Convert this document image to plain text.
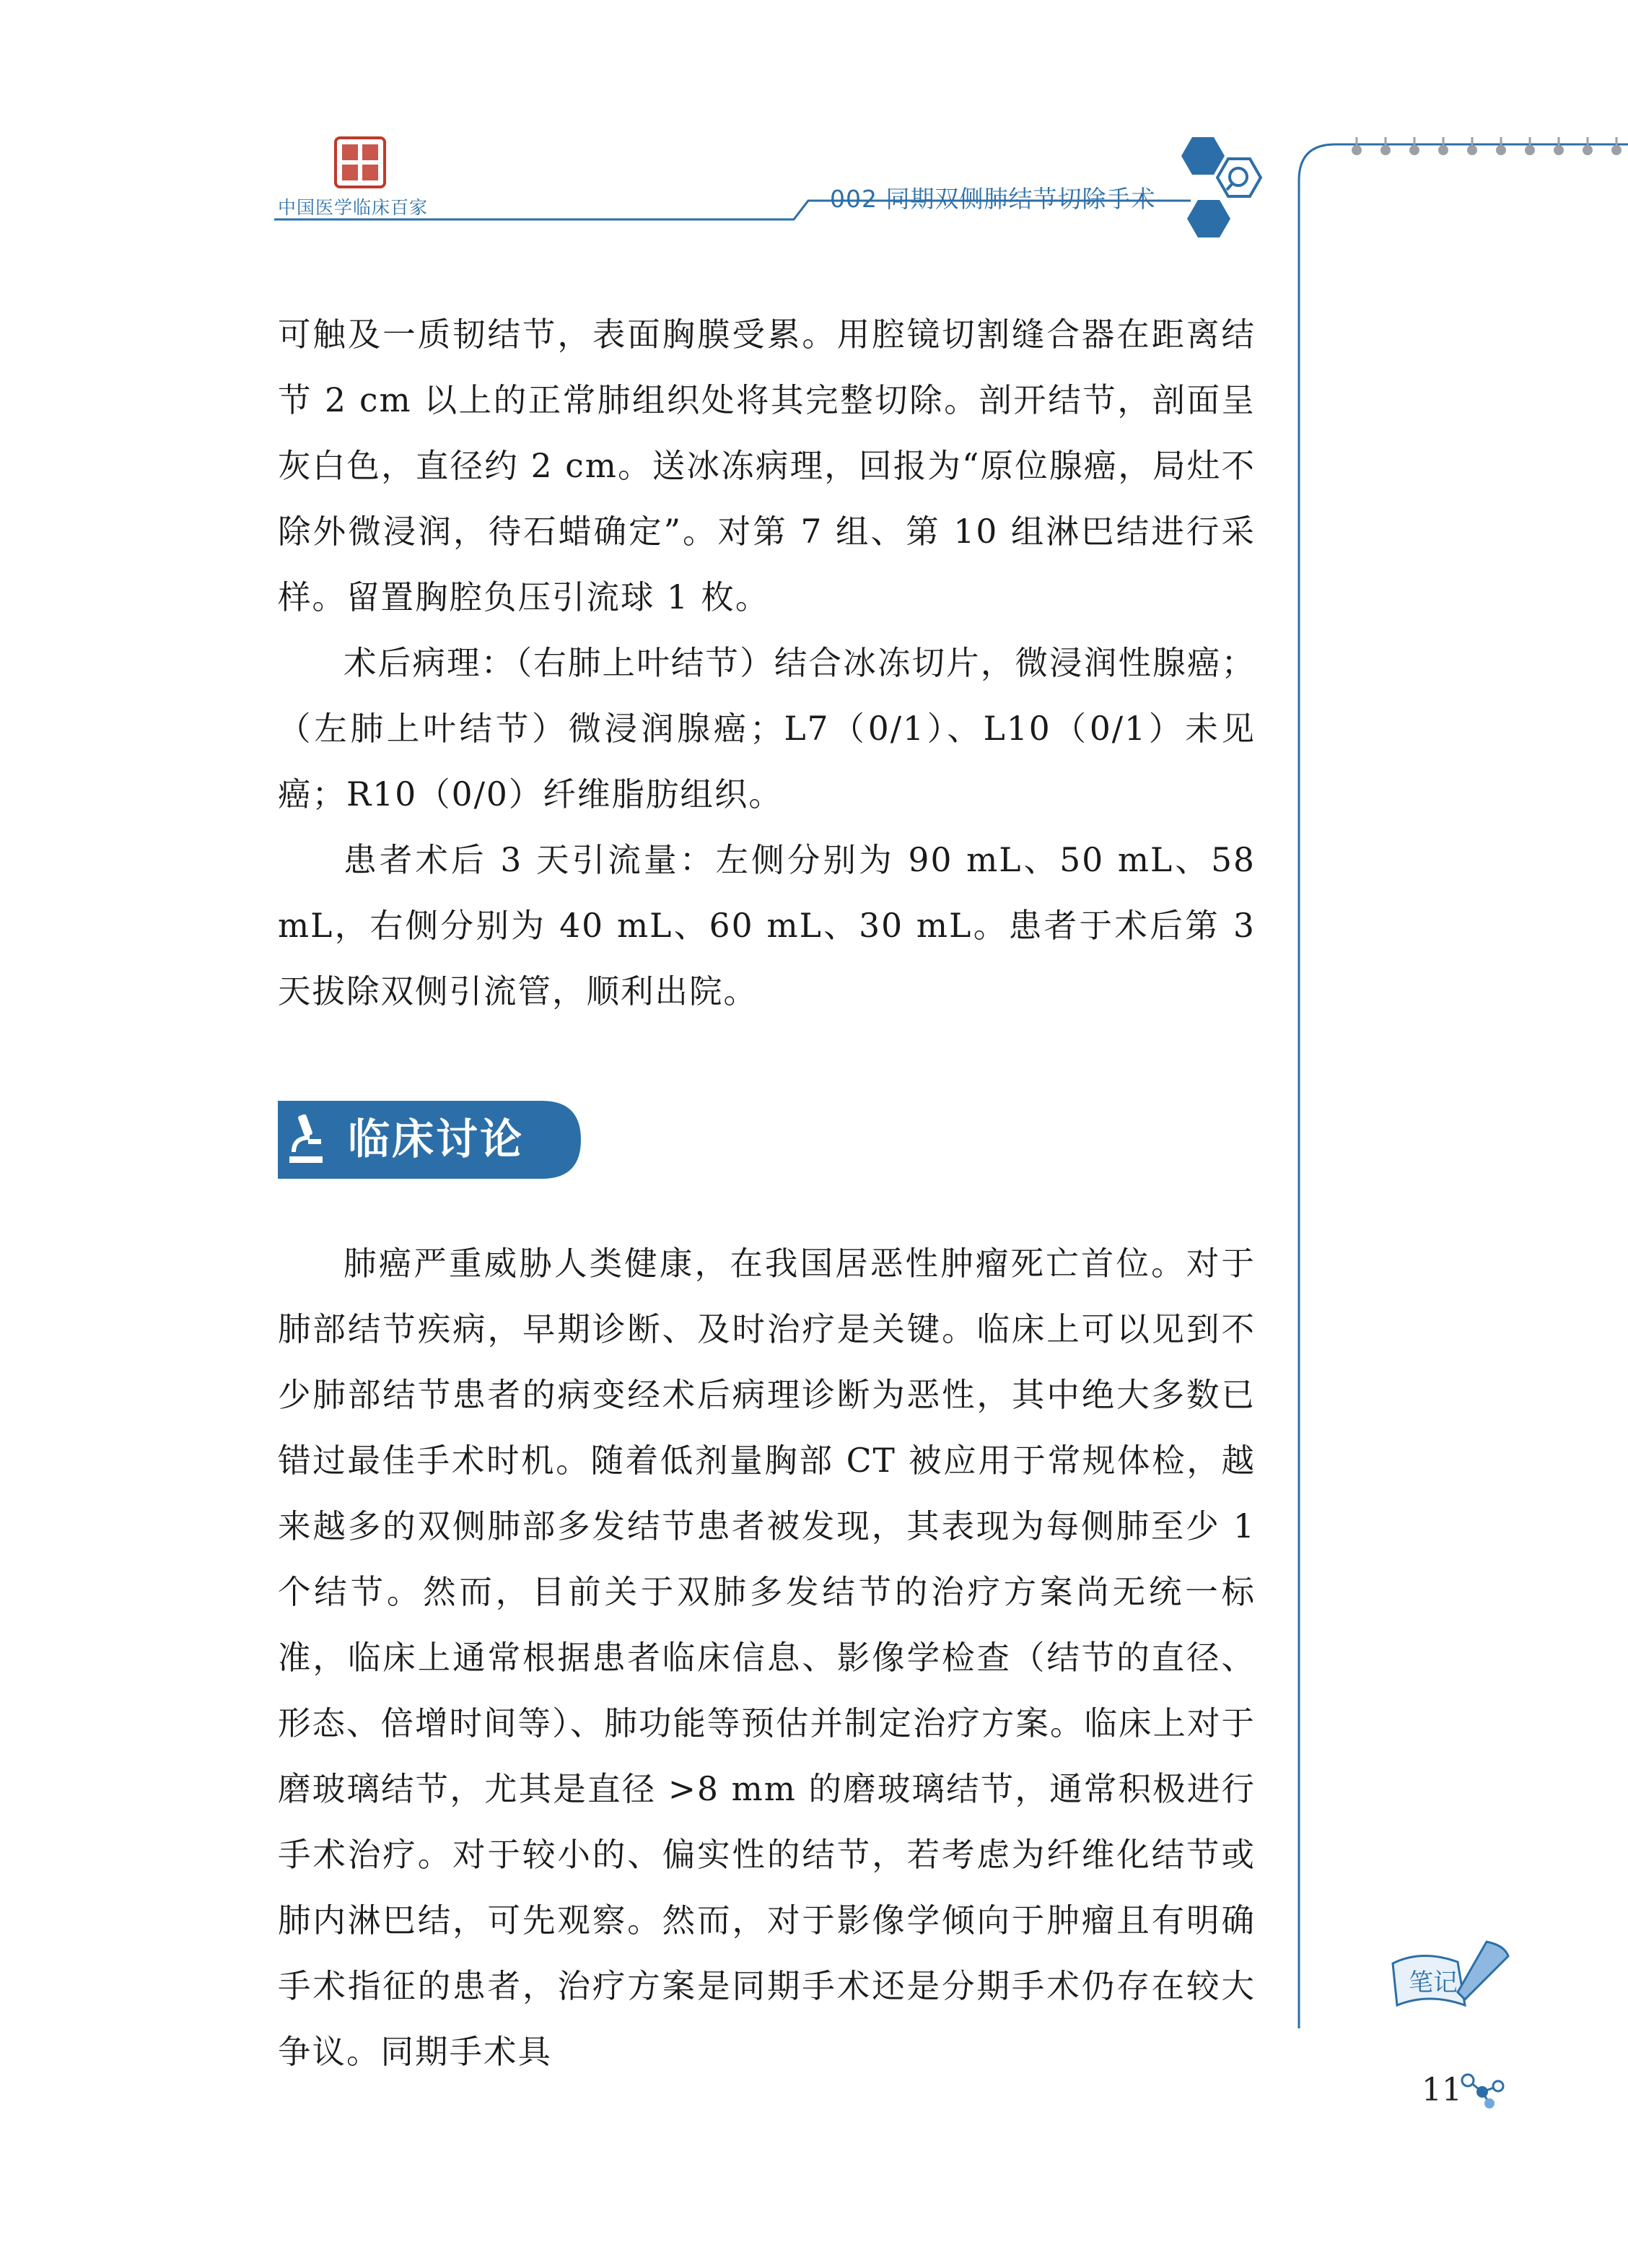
中国医学临床百家	002 同期双侧肺结节切除手术

可触及一质韧结节，表面胸膜受累。用腔镜切割缝合器在距离结节 2 cm 以上的正常肺组织处将其完整切除。剖开结节，剖面呈灰白色，直径约 2 cm。送冰冻病理，回报为“原位腺癌，局灶不除外微浸润，待石蜡确定”。对第 7 组、第 10 组淋巴结进行采样。留置胸腔负压引流球 1 枚。

术后病理：（右肺上叶结节）结合冰冻切片，微浸润性腺癌；（左肺上叶结节）微浸润腺癌；L7（0/1）、L10（0/1）未见癌；R10（0/0）纤维脂肪组织。

患者术后 3 天引流量：左侧分别为 90 mL、50 mL、58 mL，右侧分别为 40 mL、60 mL、30 mL。患者于术后第 3 天拔除双侧引流管，顺利出院。

临床讨论

肺癌严重威胁人类健康，在我国居恶性肿瘤死亡首位。对于肺部结节疾病，早期诊断、及时治疗是关键。临床上可以见到不少肺部结节患者的病变经术后病理诊断为恶性，其中绝大多数已错过最佳手术时机。随着低剂量胸部 CT 被应用于常规体检，越来越多的双侧肺部多发结节患者被发现，其表现为每侧肺至少 1 个结节。然而，目前关于双肺多发结节的治疗方案尚无统一标准，临床上通常根据患者临床信息、影像学检查（结节的直径、形态、倍增时间等）、肺功能等预估并制定治疗方案。临床上对于磨玻璃结节，尤其是直径 >8 mm 的磨玻璃结节，通常积极进行手术治疗。对于较小的、偏实性的结节，若考虑为纤维化结节或肺内淋巴结，可先观察。然而，对于影像学倾向于肿瘤且有明确手术指征的患者，治疗方案是同期手术还是分期手术仍存在较大争议。同期手术具

笔记
11
